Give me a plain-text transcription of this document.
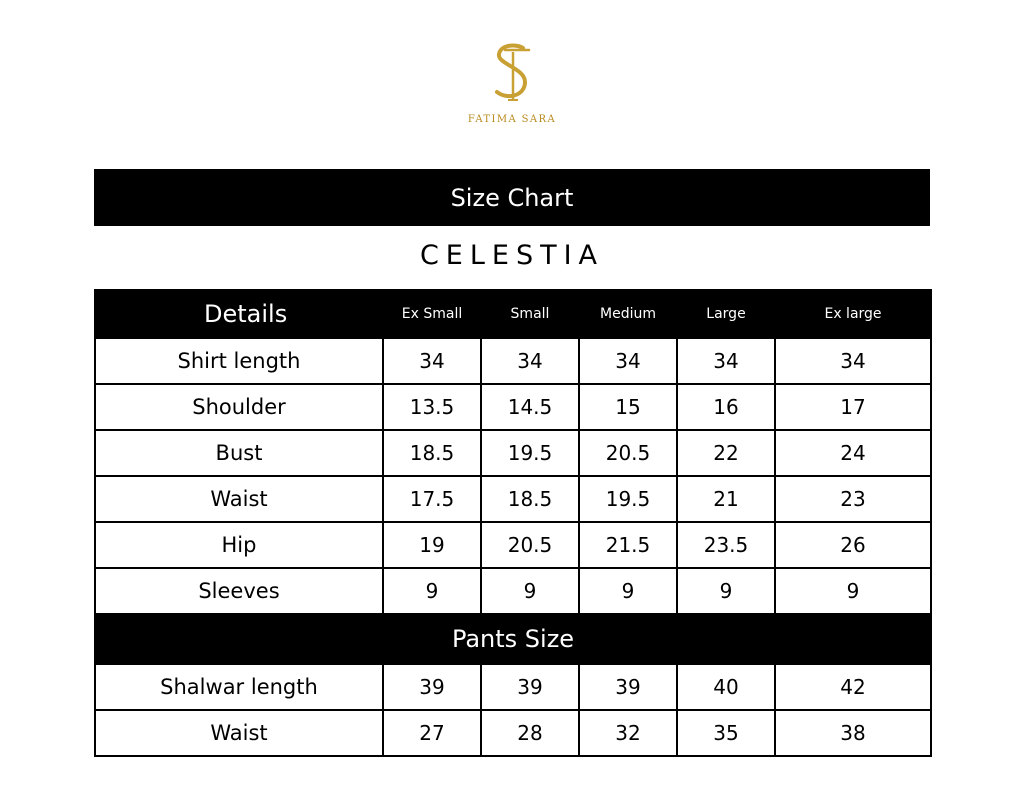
FATIMA SARA
Size Chart
CELESTIA
Details	Ex Small	Small	Medium	Large	Ex large
Shirt length	34	34	34	34	34
Shoulder	13.5	14.5	15	16	17
Bust	18.5	19.5	20.5	22	24
Waist	17.5	18.5	19.5	21	23
Hip	19	20.5	21.5	23.5	26
Sleeves	9	9	9	9	9
Pants Size					
Shalwar length	39	39	39	40	42
Waist	27	28	32	35	38
